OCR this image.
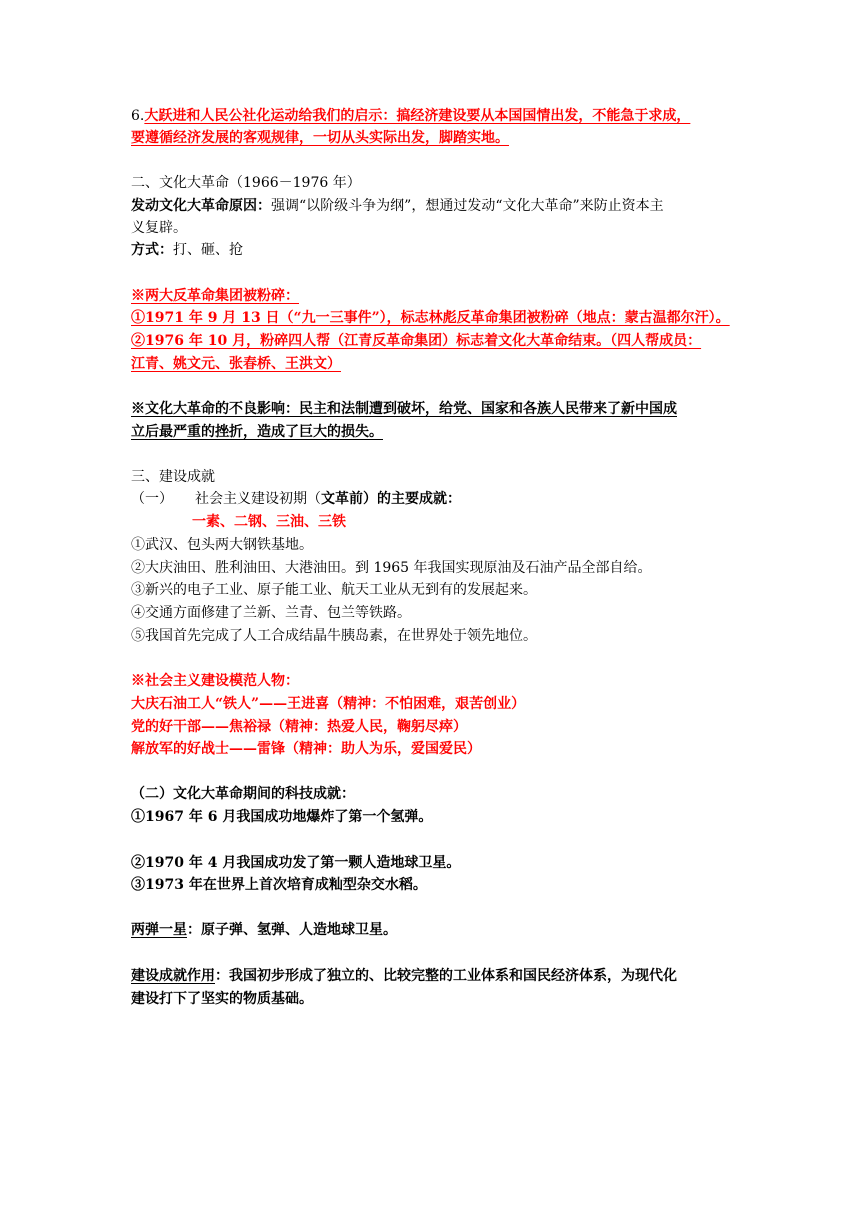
6.大跃进和人民公社化运动给我们的启示：搞经济建设要从本国国情出发，不能急于求成，
要遵循经济发展的客观规律，一切从头实际出发，脚踏实地。
二、文化大革命（1966－1976 年）
发动文化大革命原因：强调“以阶级斗争为纲”，想通过发动“文化大革命”来防止资本主
义复辟。
方式：打、砸、抢
※两大反革命集团被粉碎：
①1971 年 9 月 13 日（“九一三事件”），标志林彪反革命集团被粉碎（地点：蒙古温都尔汗）。
②1976 年 10 月，粉碎四人帮（江青反革命集团）标志着文化大革命结束。（四人帮成员：
江青、姚文元、张春桥、王洪文）
※文化大革命的不良影响：民主和法制遭到破坏，给党、国家和各族人民带来了新中国成
立后最严重的挫折，造成了巨大的损失。
三、建设成就
（一） 社会主义建设初期（文革前）的主要成就：
一素、二钢、三油、三铁
①武汉、包头两大钢铁基地。
②大庆油田、胜利油田、大港油田。到 1965 年我国实现原油及石油产品全部自给。
③新兴的电子工业、原子能工业、航天工业从无到有的发展起来。
④交通方面修建了兰新、兰青、包兰等铁路。
⑤我国首先完成了人工合成结晶牛胰岛素，在世界处于领先地位。
※社会主义建设模范人物：
大庆石油工人“铁人”——王进喜（精神：不怕困难，艰苦创业）
党的好干部——焦裕禄（精神：热爱人民，鞠躬尽瘁）
解放军的好战士——雷锋（精神：助人为乐，爱国爱民）
（二）文化大革命期间的科技成就：
①1967 年 6 月我国成功地爆炸了第一个氢弹。
②1970 年 4 月我国成功发了第一颗人造地球卫星。
③1973 年在世界上首次培育成籼型杂交水稻。
两弹一星：原子弹、氢弹、人造地球卫星。
建设成就作用：我国初步形成了独立的、比较完整的工业体系和国民经济体系，为现代化
建设打下了坚实的物质基础。
